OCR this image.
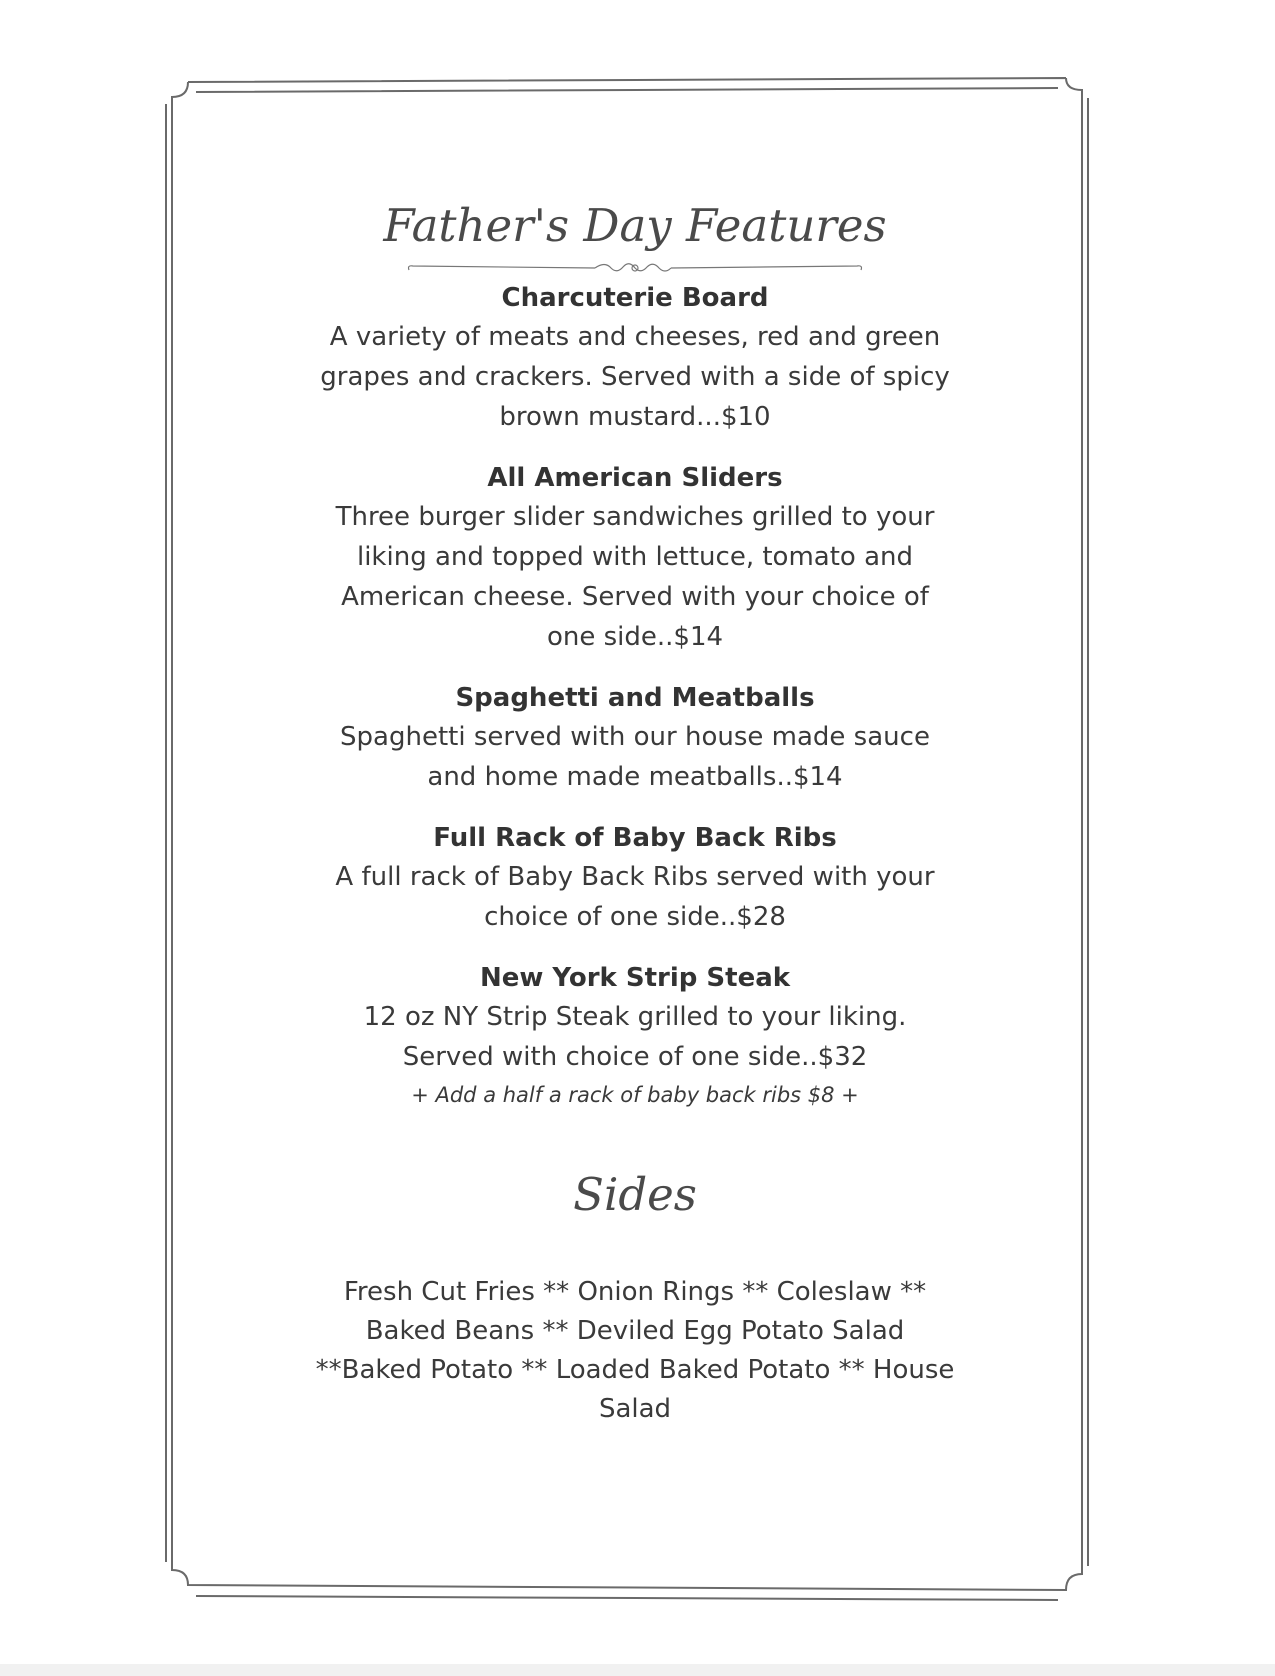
Father's Day Features
Charcuterie Board
A variety of meats and cheeses, red and green grapes and crackers. Served with a side of spicy brown mustard...$10
All American Sliders
Three burger slider sandwiches grilled to your liking and topped with lettuce, tomato and American cheese. Served with your choice of one side..$14
Spaghetti and Meatballs
Spaghetti served with our house made sauce and home made meatballs..$14
Full Rack of Baby Back Ribs
A full rack of Baby Back Ribs served with your choice of one side..$28
New York Strip Steak
12 oz NY Strip Steak grilled to your liking. Served with choice of one side..$32
+ Add a half a rack of baby back ribs $8 +
Sides
Fresh Cut Fries ** Onion Rings ** Coleslaw ** Baked Beans ** Deviled Egg Potato Salad **Baked Potato ** Loaded Baked Potato ** House Salad
